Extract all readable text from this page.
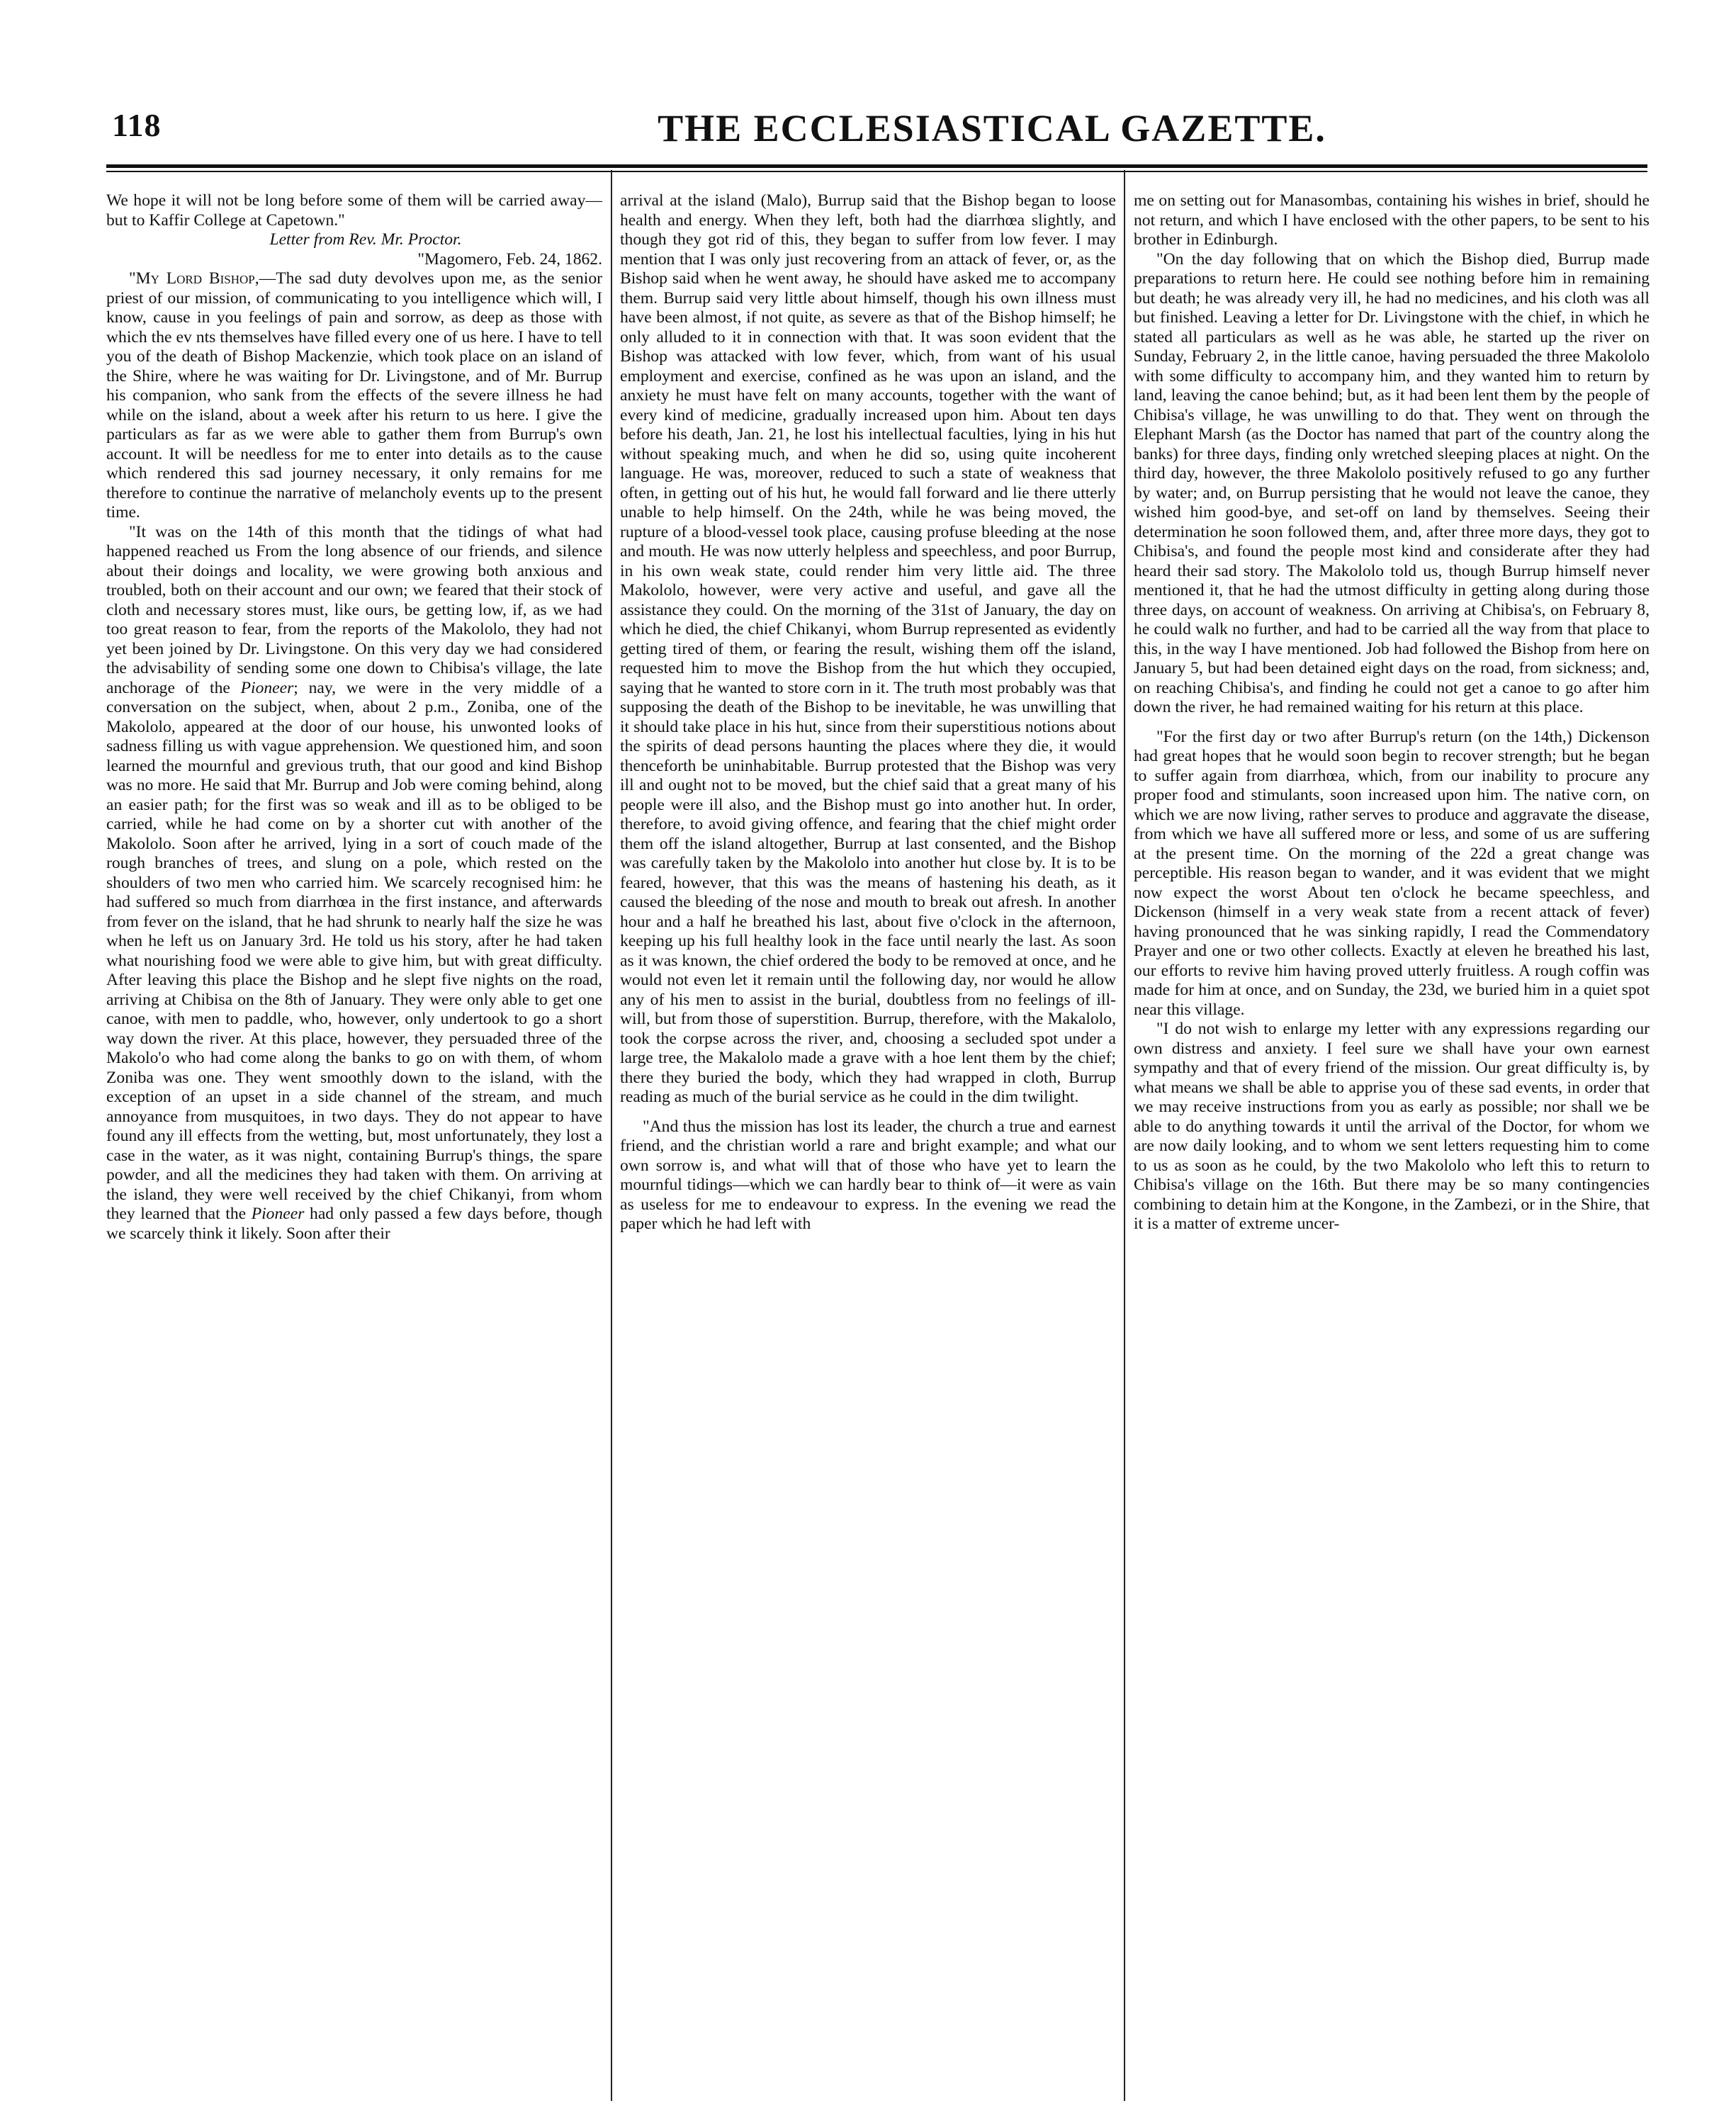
118	THE ECCLESIASTICAL GAZETTE.

We hope it will not be long before some of them will be carried away—but to Kaffir College at Capetown."

Letter from Rev. Mr. Proctor.

"Magomero, Feb. 24, 1862.

"My Lord Bishop,—The sad duty devolves upon me, as the senior priest of our mission, of communicating to you intelligence which will, I know, cause in you feelings of pain and sorrow, as deep as those with which the ev nts themselves have filled every one of us here. I have to tell you of the death of Bishop Mackenzie, which took place on an island of the Shire, where he was waiting for Dr. Livingstone, and of Mr. Burrup his companion, who sank from the effects of the severe illness he had while on the island, about a week after his return to us here. I give the particulars as far as we were able to gather them from Burrup's own account. It will be needless for me to enter into details as to the cause which rendered this sad journey necessary, it only remains for me therefore to continue the narrative of melancholy events up to the present time.

"It was on the 14th of this month that the tidings of what had happened reached us From the long absence of our friends, and silence about their doings and locality, we were growing both anxious and troubled, both on their account and our own; we feared that their stock of cloth and necessary stores must, like ours, be getting low, if, as we had too great reason to fear, from the reports of the Makololo, they had not yet been joined by Dr. Livingstone. On this very day we had considered the advisability of sending some one down to Chibisa's village, the late anchorage of the Pioneer; nay, we were in the very middle of a conversation on the subject, when, about 2 p.m., Zoniba, one of the Makololo, appeared at the door of our house, his unwonted looks of sadness filling us with vague apprehension. We questioned him, and soon learned the mournful and grevious truth, that our good and kind Bishop was no more. He said that Mr. Burrup and Job were coming behind, along an easier path; for the first was so weak and ill as to be obliged to be carried, while he had come on by a shorter cut with another of the Makololo. Soon after he arrived, lying in a sort of couch made of the rough branches of trees, and slung on a pole, which rested on the shoulders of two men who carried him. We scarcely recognised him: he had suffered so much from diarrhœa in the first instance, and afterwards from fever on the island, that he had shrunk to nearly half the size he was when he left us on January 3rd. He told us his story, after he had taken what nourishing food we were able to give him, but with great difficulty. After leaving this place the Bishop and he slept five nights on the road, arriving at Chibisa on the 8th of January. They were only able to get one canoe, with men to paddle, who, however, only undertook to go a short way down the river. At this place, however, they persuaded three of the Makolo'o who had come along the banks to go on with them, of whom Zoniba was one. They went smoothly down to the island, with the exception of an upset in a side channel of the stream, and much annoyance from musquitoes, in two days. They do not appear to have found any ill effects from the wetting, but, most unfortunately, they lost a case in the water, as it was night, containing Burrup's things, the spare powder, and all the medicines they had taken with them. On arriving at the island, they were well received by the chief Chikanyi, from whom they learned that the Pioneer had only passed a few days before, though we scarcely think it likely. Soon after their

arrival at the island (Malo), Burrup said that the Bishop began to loose health and energy. When they left, both had the diarrhœa slightly, and though they got rid of this, they began to suffer from low fever. I may mention that I was only just recovering from an attack of fever, or, as the Bishop said when he went away, he should have asked me to accompany them. Burrup said very little about himself, though his own illness must have been almost, if not quite, as severe as that of the Bishop himself; he only alluded to it in connection with that. It was soon evident that the Bishop was attacked with low fever, which, from want of his usual employment and exercise, confined as he was upon an island, and the anxiety he must have felt on many accounts, together with the want of every kind of medicine, gradually increased upon him. About ten days before his death, Jan. 21, he lost his intellectual faculties, lying in his hut without speaking much, and when he did so, using quite incoherent language. He was, moreover, reduced to such a state of weakness that often, in getting out of his hut, he would fall forward and lie there utterly unable to help himself. On the 24th, while he was being moved, the rupture of a blood-vessel took place, causing profuse bleeding at the nose and mouth. He was now utterly helpless and speechless, and poor Burrup, in his own weak state, could render him very little aid. The three Makololo, however, were very active and useful, and gave all the assistance they could. On the morning of the 31st of January, the day on which he died, the chief Chikanyi, whom Burrup represented as evidently getting tired of them, or fearing the result, wishing them off the island, requested him to move the Bishop from the hut which they occupied, saying that he wanted to store corn in it. The truth most probably was that supposing the death of the Bishop to be inevitable, he was unwilling that it should take place in his hut, since from their superstitious notions about the spirits of dead persons haunting the places where they die, it would thenceforth be uninhabitable. Burrup protested that the Bishop was very ill and ought not to be moved, but the chief said that a great many of his people were ill also, and the Bishop must go into another hut. In order, therefore, to avoid giving offence, and fearing that the chief might order them off the island altogether, Burrup at last consented, and the Bishop was carefully taken by the Makololo into another hut close by. It is to be feared, however, that this was the means of hastening his death, as it caused the bleeding of the nose and mouth to break out afresh. In another hour and a half he breathed his last, about five o'clock in the afternoon, keeping up his full healthy look in the face until nearly the last. As soon as it was known, the chief ordered the body to be removed at once, and he would not even let it remain until the following day, nor would he allow any of his men to assist in the burial, doubtless from no feelings of ill-will, but from those of superstition. Burrup, therefore, with the Makalolo, took the corpse across the river, and, choosing a secluded spot under a large tree, the Makalolo made a grave with a hoe lent them by the chief; there they buried the body, which they had wrapped in cloth, Burrup reading as much of the burial service as he could in the dim twilight.

"And thus the mission has lost its leader, the church a true and earnest friend, and the christian world a rare and bright example; and what our own sorrow is, and what will that of those who have yet to learn the mournful tidings—which we can hardly bear to think of—it were as vain as useless for me to endeavour to express. In the evening we read the paper which he had left with

me on setting out for Manasombas, containing his wishes in brief, should he not return, and which I have enclosed with the other papers, to be sent to his brother in Edinburgh.

"On the day following that on which the Bishop died, Burrup made preparations to return here. He could see nothing before him in remaining but death; he was already very ill, he had no medicines, and his cloth was all but finished. Leaving a letter for Dr. Livingstone with the chief, in which he stated all particulars as well as he was able, he started up the river on Sunday, February 2, in the little canoe, having persuaded the three Makololo with some difficulty to accompany him, and they wanted him to return by land, leaving the canoe behind; but, as it had been lent them by the people of Chibisa's village, he was unwilling to do that. They went on through the Elephant Marsh (as the Doctor has named that part of the country along the banks) for three days, finding only wretched sleeping places at night. On the third day, however, the three Makololo positively refused to go any further by water; and, on Burrup persisting that he would not leave the canoe, they wished him good-bye, and set-off on land by themselves. Seeing their determination he soon followed them, and, after three more days, they got to Chibisa's, and found the people most kind and considerate after they had heard their sad story. The Makololo told us, though Burrup himself never mentioned it, that he had the utmost difficulty in getting along during those three days, on account of weakness. On arriving at Chibisa's, on February 8, he could walk no further, and had to be carried all the way from that place to this, in the way I have mentioned. Job had followed the Bishop from here on January 5, but had been detained eight days on the road, from sickness; and, on reaching Chibisa's, and finding he could not get a canoe to go after him down the river, he had remained waiting for his return at this place.

"For the first day or two after Burrup's return (on the 14th,) Dickenson had great hopes that he would soon begin to recover strength; but he began to suffer again from diarrhœa, which, from our inability to procure any proper food and stimulants, soon increased upon him. The native corn, on which we are now living, rather serves to produce and aggravate the disease, from which we have all suffered more or less, and some of us are suffering at the present time. On the morning of the 22d a great change was perceptible. His reason began to wander, and it was evident that we might now expect the worst About ten o'clock he became speechless, and Dickenson (himself in a very weak state from a recent attack of fever) having pronounced that he was sinking rapidly, I read the Commendatory Prayer and one or two other collects. Exactly at eleven he breathed his last, our efforts to revive him having proved utterly fruitless. A rough coffin was made for him at once, and on Sunday, the 23d, we buried him in a quiet spot near this village.

"I do not wish to enlarge my letter with any expressions regarding our own distress and anxiety. I feel sure we shall have your own earnest sympathy and that of every friend of the mission. Our great difficulty is, by what means we shall be able to apprise you of these sad events, in order that we may receive instructions from you as early as possible; nor shall we be able to do anything towards it until the arrival of the Doctor, for whom we are now daily looking, and to whom we sent letters requesting him to come to us as soon as he could, by the two Makololo who left this to return to Chibisa's village on the 16th. But there may be so many contingencies combining to detain him at the Kongone, in the Zambezi, or in the Shire, that it is a matter of extreme uncer-
